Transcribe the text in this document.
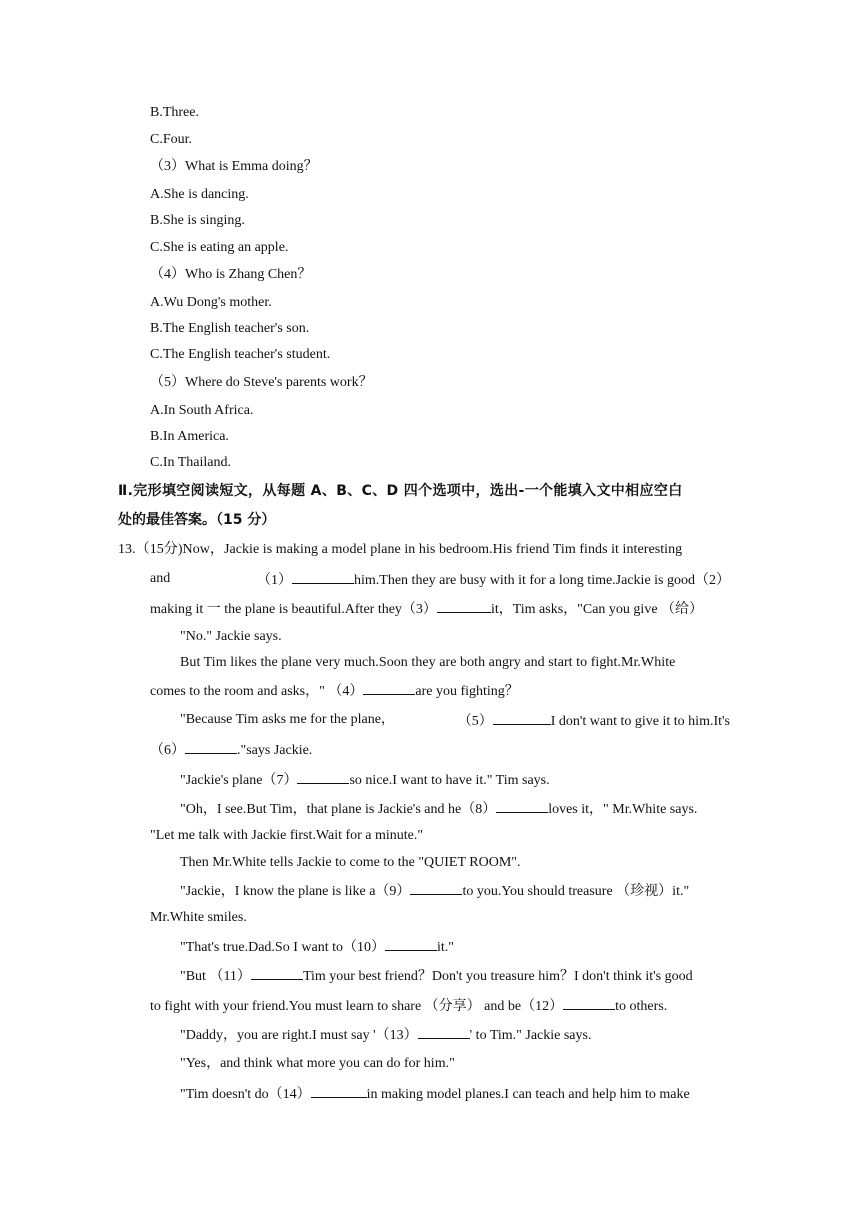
B.Three.
C.Four.
（3）What is Emma doing？
A.She is dancing.
B.She is singing.
C.She is eating an apple.
（4）Who is Zhang Chen？
A.Wu Dong's mother.
B.The English teacher's son.
C.The English teacher's student.
（5）Where do Steve's parents work？
A.In South Africa.
B.In America.
C.In Thailand.
Ⅱ.完形填空阅读短文，从每题 A、B、C、D 四个选项中，选出-一个能填入文中相应空白
处的最佳答案。（15 分）
13.（15分)Now，Jackie is making a model plane in his bedroom.His friend Tim finds it interesting
and	（1）	him.Then they are busy with it for a long time.Jackie is good（2）
making it 一 the plane is beautiful.After they（3）	it，Tim asks，"Can you give （给）
"No." Jackie says.
But Tim likes the plane very much.Soon they are both angry and start to fight.Mr.White
comes to the room and asks，" （4）	are you fighting？
"Because Tim asks me for the plane，	（5）	I don't want to give it to him.It's
（6）	."says Jackie.
"Jackie's plane（7）	so nice.I want to have it." Tim says.
"Oh，I see.But Tim，that plane is Jackie's and he（8）	loves it，" Mr.White says.
"Let me talk with Jackie first.Wait for a minute."
Then Mr.White tells Jackie to come to the "QUIET ROOM".
"Jackie，I know the plane is like a（9）	to you.You should treasure （珍视）it."
Mr.White smiles.
"That's true.Dad.So I want to（10）	it."
"But （11）	Tim your best friend？Don't you treasure him？I don't think it's good
to fight with your friend.You must learn to share （分享） and be（12）	to others.
"Daddy，you are right.I must say '（13）	' to Tim." Jackie says.
"Yes，and think what more you can do for him."
"Tim doesn't do（14）	in making model planes.I can teach and help him to make
